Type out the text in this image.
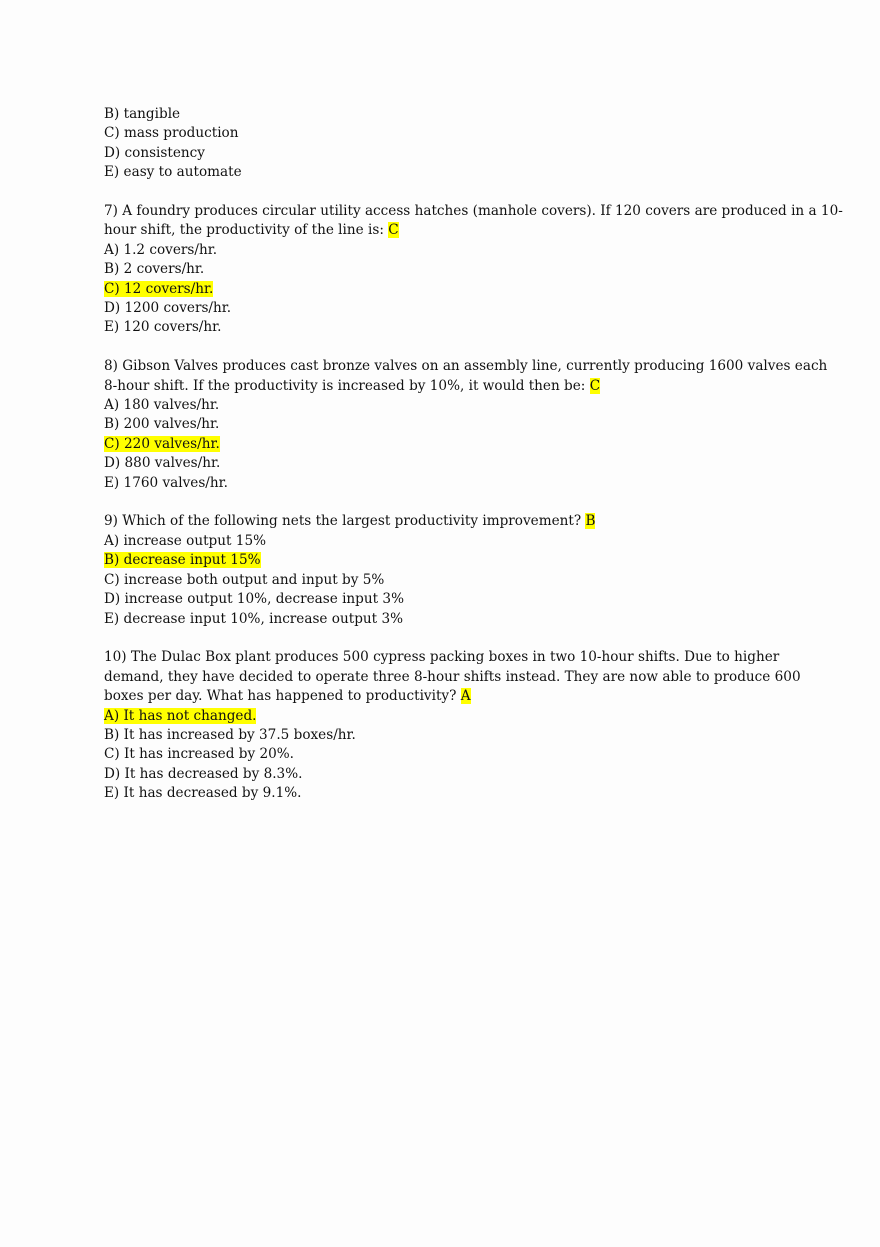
B) tangible
C) mass production
D) consistency
E) easy to automate
7) A foundry produces circular utility access hatches (manhole covers). If 120 covers are produced in a 10-
hour shift, the productivity of the line is: C
A) 1.2 covers/hr.
B) 2 covers/hr.
C) 12 covers/hr.
D) 1200 covers/hr.
E) 120 covers/hr.
8) Gibson Valves produces cast bronze valves on an assembly line, currently producing 1600 valves each
8-hour shift. If the productivity is increased by 10%, it would then be: C
A) 180 valves/hr.
B) 200 valves/hr.
C) 220 valves/hr.
D) 880 valves/hr.
E) 1760 valves/hr.
9) Which of the following nets the largest productivity improvement? B
A) increase output 15%
B) decrease input 15%
C) increase both output and input by 5%
D) increase output 10%, decrease input 3%
E) decrease input 10%, increase output 3%
10) The Dulac Box plant produces 500 cypress packing boxes in two 10-hour shifts. Due to higher
demand, they have decided to operate three 8-hour shifts instead. They are now able to produce 600
boxes per day. What has happened to productivity? A
A) It has not changed.
B) It has increased by 37.5 boxes/hr.
C) It has increased by 20%.
D) It has decreased by 8.3%.
E) It has decreased by 9.1%.
